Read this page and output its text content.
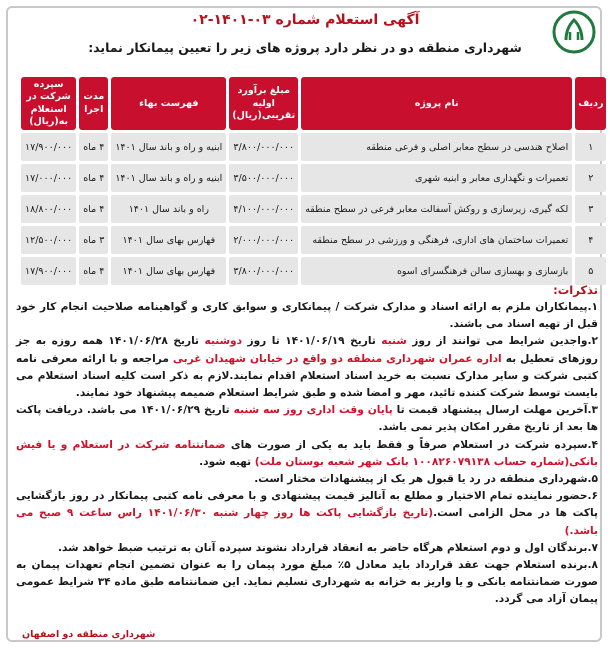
آگهی استعلام شماره ۰۳-۱۴۰۱-۰۲
شهرداری منطقه دو در نظر دارد پروژه های زیر را تعیین پیمانکار نماید:
ردیف	نام پروژه	مبلغ برآورد اولیه تقریبی(ریال)	فهرست بهاء	مدت اجرا	سپرده شرکت در استعلام به(ریال)
۱	اصلاح هندسی در سطح معابر اصلی و فرعی منطقه	۳/۸۰۰/۰۰۰/۰۰۰	ابنیه و راه و باند سال ۱۴۰۱	۴ ماه	۱۷/۹۰۰/۰۰۰
۲	تعمیرات و نگهداری معابر و ابنیه شهری	۳/۵۰۰/۰۰۰/۰۰۰	ابنیه و راه و باند سال ۱۴۰۱	۴ ماه	۱۷/۰۰۰/۰۰۰
۳	لکه گیری، زیرسازی و روکش آسفالت معابر فرعی در سطح منطقه	۴/۱۰۰/۰۰۰/۰۰۰	راه و باند سال ۱۴۰۱	۴ ماه	۱۸/۸۰۰/۰۰۰
۴	تعمیرات ساختمان های اداری، فرهنگی و ورزشی در سطح منطقه	۲/۰۰۰/۰۰۰/۰۰۰	فهارس بهای سال ۱۴۰۱	۳ ماه	۱۲/۵۰۰/۰۰۰
۵	بازسازی و بهسازی سالن فرهنگسرای اسوه	۳/۸۰۰/۰۰۰/۰۰۰	فهارس بهای سال ۱۴۰۱	۴ ماه	۱۷/۹۰۰/۰۰۰
تذکرات:

۱.پیمانکاران ملزم به ارائه اسناد و مدارک شرکت / پیمانکاری و سوابق کاری و گواهینامه صلاحیت انجام کار خود قبل از تهیه اسناد می باشند.

۲.واجدین شرایط می توانند از روز شنبه تاریخ ۱۴۰۱/۰۶/۱۹ تا روز دوشنبه تاریخ ۱۴۰۱/۰۶/۲۸ همه روزه به جز روزهای تعطیل به اداره عمران شهرداری منطقه دو واقع در خیابان شهیدان غربی مراجعه و با ارائه معرفی نامه کتبی شرکت و سایر مدارک نسبت به خرید اسناد استعلام اقدام نمایند.لازم به ذکر است کلیه اسناد استعلام می بایست توسط شرکت کننده تائید، مهر و امضا شده و طبق شرایط استعلام ضمیمه پیشنهاد خود نمایند.

۳.آخرین مهلت ارسال پیشنهاد قیمت تا پایان وقت اداری روز سه شنبه تاریخ ۱۴۰۱/۰۶/۲۹ می باشد. دریافت پاکت ها بعد از تاریخ مقرر امکان پذیر نمی باشد.

۴.سپرده شرکت در استعلام صرفاً و فقط باید به یکی از صورت های ضمانتنامه شرکت در استعلام و یا فیش بانکی(شماره حساب ۱۰۰۸۲۶۰۷۹۱۳۸ بانک شهر شعبه بوستان ملت) تهیه شود.

۵.شهرداری منطقه در رد یا قبول هر یک از پیشنهادات مختار است.

۶.حضور نماینده تمام الاختیار و مطلع به آنالیز قیمت پیشنهادی و با معرفی نامه کتبی پیمانکار در روز بازگشایی پاکت ها در محل الزامی است.(تاریخ بازگشایی پاکت ها روز چهار شنبه ۱۴۰۱/۰۶/۳۰ راس ساعت ۹ صبح می باشد.)

۷.برندگان اول و دوم استعلام هرگاه حاضر به انعقاد قرارداد نشوند سپرده آنان به ترتیب ضبط خواهد شد.

۸.برنده استعلام جهت عقد قرارداد باید معادل ۵٪ مبلغ مورد پیمان را به عنوان تضمین انجام تعهدات پیمان به صورت ضمانتنامه بانکی و یا واریز به خزانه به شهرداری تسلیم نماید. این ضمانتنامه طبق ماده ۳۴ شرایط عمومی پیمان آزاد می گردد.

شهرداری منطقه دو اصفهان
